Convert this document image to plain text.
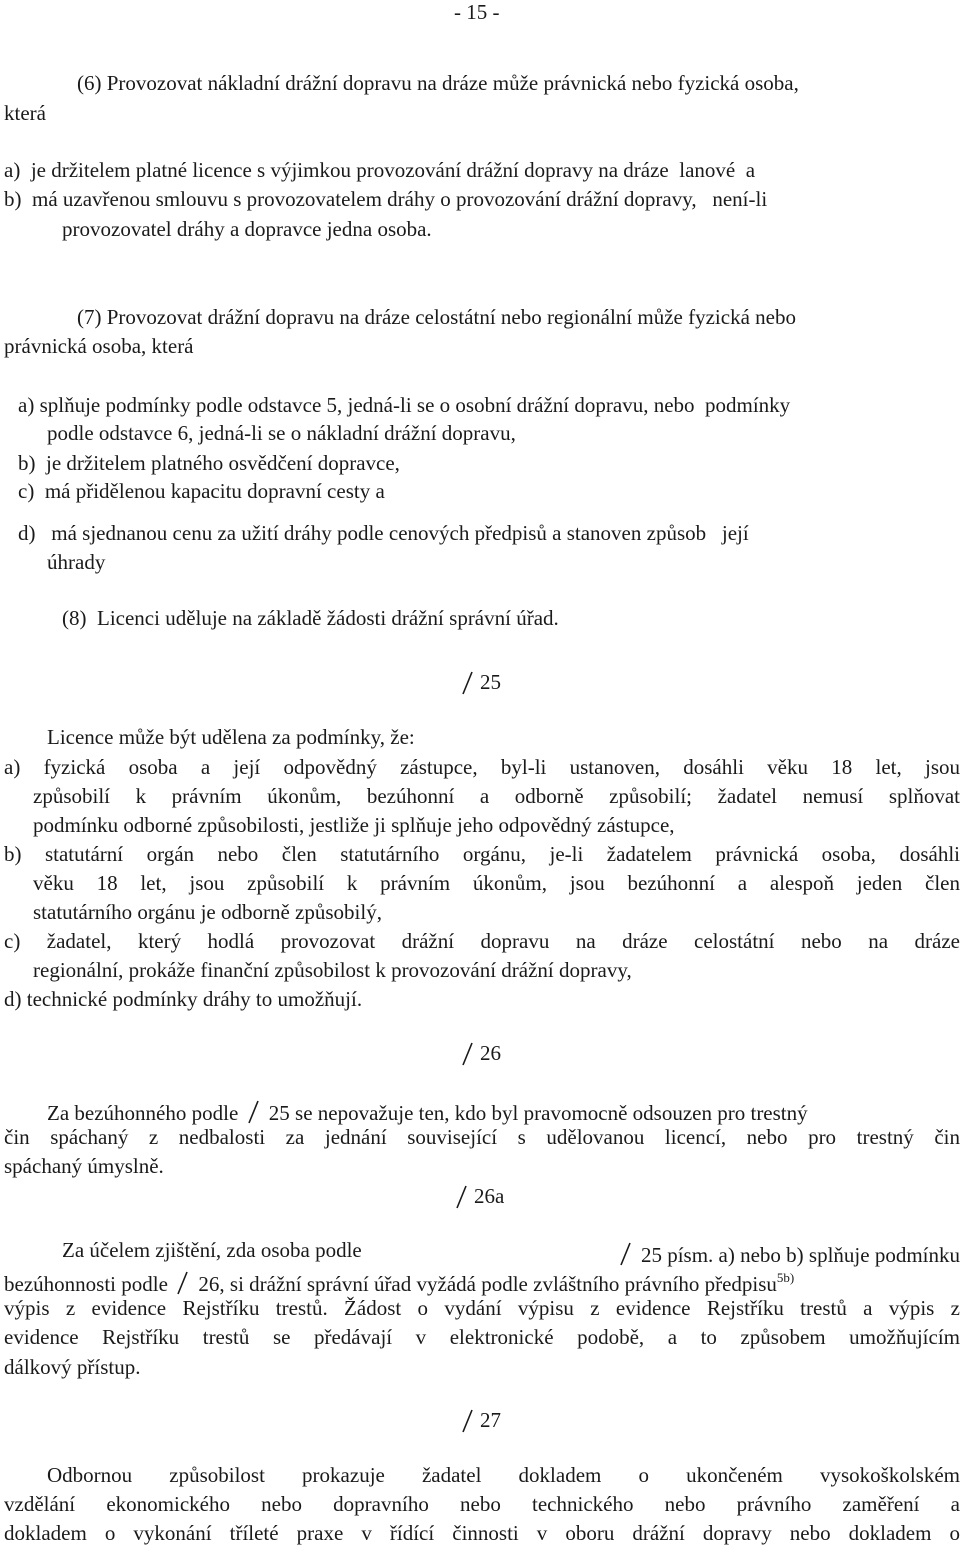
- 15 -
(6) Provozovat nákladní drážní dopravu na dráze může právnická nebo fyzická osoba,
která
a)  je držitelem platné licence s výjimkou provozování drážní dopravy na dráze  lanové  a
b)  má uzavřenou smlouvu s provozovatelem dráhy o provozování drážní dopravy,   není-li
provozovatel dráhy a dopravce jedna osoba.
(7) Provozovat drážní dopravu na dráze celostátní nebo regionální může fyzická nebo
právnická osoba, která
a) splňuje podmínky podle odstavce 5, jedná-li se o osobní drážní dopravu, nebo  podmínky
podle odstavce 6, jedná-li se o nákladní drážní dopravu,
b)  je držitelem platného osvědčení dopravce,
c)  má přidělenou kapacitu dopravní cesty a
d)   má sjednanou cenu za užití dráhy podle cenových předpisů a stanoven způsob   její
úhrady
(8)  Licenci uděluje na základě žádosti drážní správní úřad.
25
Licence může být udělena za podmínky, že:
a) fyzická osoba a její odpovědný zástupce, byl-li ustanoven, dosáhli věku 18 let, jsou
způsobilí k právním úkonům, bezúhonní a odborně způsobilí; žadatel nemusí splňovat
podmínku odborné způsobilosti, jestliže ji splňuje jeho odpovědný zástupce,
b) statutární orgán nebo člen statutárního orgánu, je-li žadatelem právnická osoba, dosáhli
věku 18 let, jsou způsobilí k právním úkonům, jsou bezúhonní a alespoň jeden člen
statutárního orgánu je odborně způsobilý,
c) žadatel, který hodlá provozovat drážní dopravu na dráze celostátní nebo na dráze
regionální, prokáže finanční způsobilost k provozování drážní dopravy,
d) technické podmínky dráhy to umožňují.
26
Za bezúhonného podle 25 se nepovažuje ten, kdo byl pravomocně odsouzen pro trestný
čin spáchaný z nedbalosti za jednání související s udělovanou licencí, nebo pro trestný čin
spáchaný úmyslně.
26a
Za účelem zjištění, zda osoba podle	25 písm. a) nebo b) splňuje podmínku
bezúhonnosti podle 26, si drážní správní úřad vyžádá podle zvláštního právního předpisu$^{5b)}$
výpis z evidence Rejstříku trestů. Žádost o vydání výpisu z evidence Rejstříku trestů a výpis z
evidence Rejstříku trestů se předávají v elektronické podobě, a to způsobem umožňujícím
dálkový přístup.
27
Odbornou způsobilost prokazuje žadatel dokladem o ukončeném vysokoškolském
vzdělání ekonomického nebo dopravního nebo technického nebo právního zaměření a
dokladem o vykonání tříleté praxe v řídící činnosti v oboru drážní dopravy nebo dokladem o
